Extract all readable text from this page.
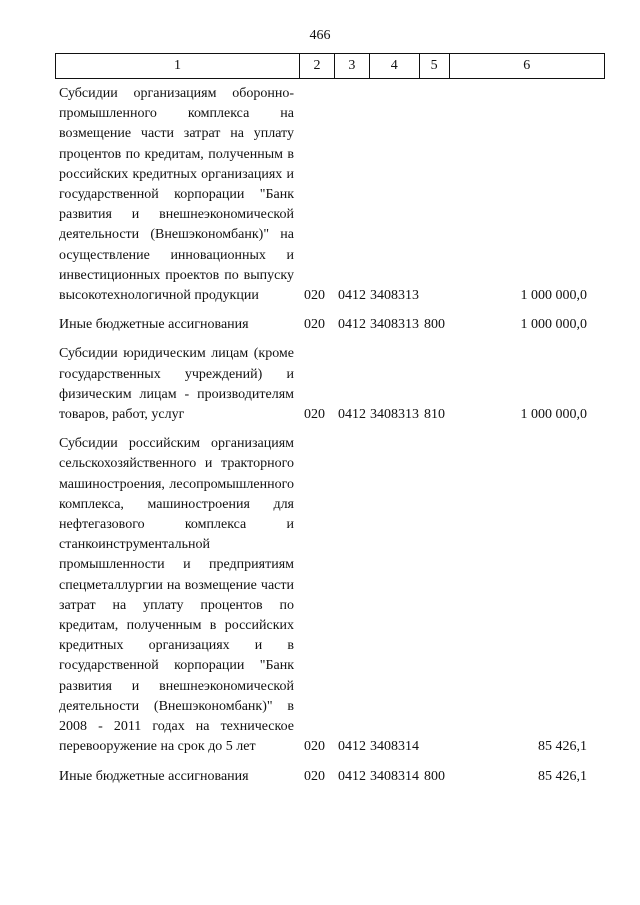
466
1	2	3	4	5	6
Субсидии организациям оборонно-промышленного комплекса на возмещение части затрат на уплату процентов по кредитам, полученным в российских кредитных организациях и государственной корпорации "Банк развития и внешнеэкономической деятельности (Внешэкономбанк)" на осуществление инновационных и инвестиционных проектов по выпуску высокотехнологичной продукции	020 0412 3408313	1 000 000,0
Иные бюджетные ассигнования	020 0412 3408313 800	1 000 000,0
Субсидии юридическим лицам (кроме государственных учреждений) и физическим лицам - производителям товаров, работ, услуг	020 0412 3408313 810	1 000 000,0
Субсидии российским организациям сельскохозяйственного и тракторного машиностроения, лесопромышленного комплекса, машиностроения для нефтегазового комплекса и станкоинструментальной промышленности и предприятиям спецметаллургии на возмещение части затрат на уплату процентов по кредитам, полученным в российских кредитных организациях и в государственной корпорации "Банк развития и внешнеэкономической деятельности (Внешэкономбанк)" в 2008 - 2011 годах на техническое перевооружение на срок до 5 лет	020 0412 3408314	85 426,1
Иные бюджетные ассигнования	020 0412 3408314 800	85 426,1
